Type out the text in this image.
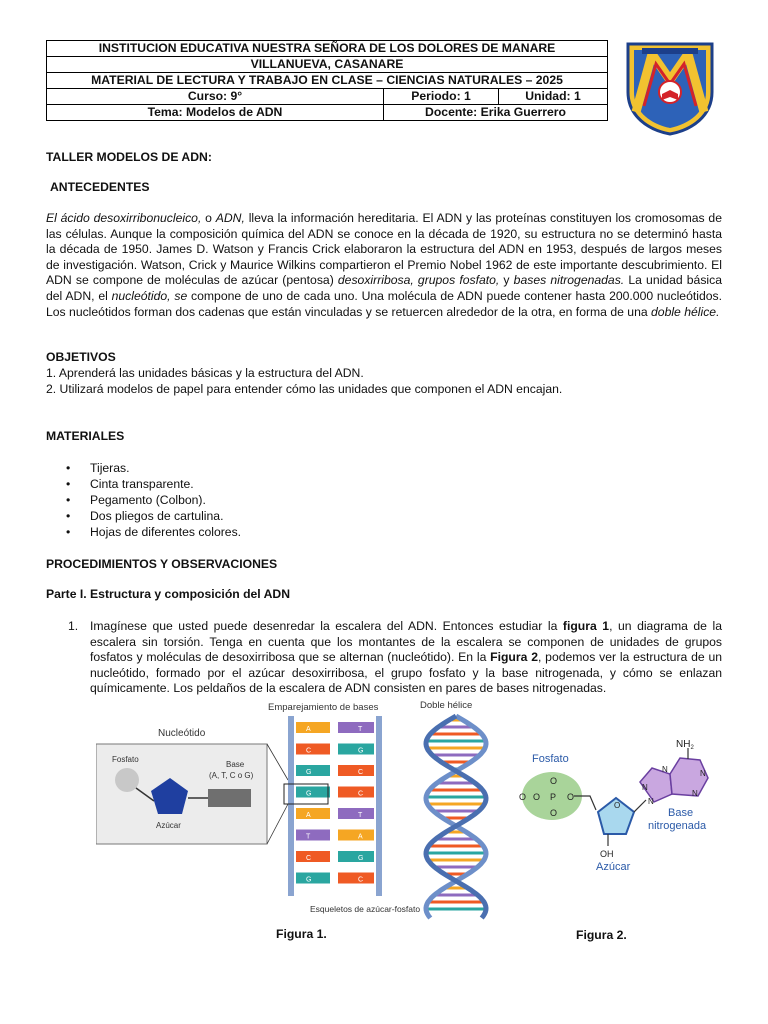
INSTITUCION EDUCATIVA NUESTRA SEÑORA DE LOS DOLORES DE MANARE		
VILLANUEVA, CASANARE		
MATERIAL DE LECTURA Y TRABAJO EN CLASE – CIENCIAS NATURALES – 2025		
Curso: 9°	Periodo: 1	Unidad: 1
Tema: Modelos de ADN	Docente: Erika Guerrero	

TALLER MODELOS DE ADN:

ANTECEDENTES

El ácido desoxirribonucleico, o ADN, lleva la información hereditaria. El ADN y las proteínas constituyen los cromosomas de las células. Aunque la composición química del ADN se conoce en la década de 1920, su estructura no se determinó hasta la década de 1950. James D. Watson y Francis Crick elaboraron la estructura del ADN en 1953, después de largos meses de investigación. Watson, Crick y Maurice Wilkins compartieron el Premio Nobel 1962 de este importante descubrimiento. El ADN se compone de moléculas de azúcar (pentosa) desoxirribosa, grupos fosfato, y bases nitrogenadas. La unidad básica del ADN, el nucleótido, se compone de uno de cada uno. Una molécula de ADN puede contener hasta 200.000 nucleótidos. Los nucleótidos forman dos cadenas que están vinculadas y se retuercen alrededor de la otra, en forma de una doble hélice.

OBJETIVOS

1. Aprenderá las unidades básicas y la estructura del ADN.

2. Utilizará modelos de papel para entender cómo las unidades que componen el ADN encajan.

MATERIALES

• Tijeras.
• Cinta transparente.
• Pegamento (Colbon).
• Dos pliegos de cartulina.
• Hojas de diferentes colores.

PROCEDIMIENTOS Y OBSERVACIONES

Parte I. Estructura y composición del ADN

1. Imagínese que usted puede desenredar la escalera del ADN. Entonces estudiar la figura 1, un diagrama de la escalera sin torsión. Tenga en cuenta que los montantes de la escalera se componen de unidades de grupos fosfatos y moléculas de desoxirribosa que se alternan (nucleótido). En la Figura 2, podemos ver la estructura de un nucleótido, formado por el azúcar desoxirribosa, el grupo fosfato y la base nitrogenada, y cómo se enlazan químicamente. Los peldaños de la escalera de ADN consisten en pares de bases nitrogenadas.

Nucleótido
Emparejamiento de bases	Doble hélice
Fosfato
Azúcar
Base
(A, T, C o G)
A	T
C	G
G	C
G	C
A	T
T	A
C	G
G	C
Esqueletos de azúcar-fosfato
Fosfato
O O P O
O
O
O
OH
Azúcar
$NH_2$
N
N
N
N
N
Base
nitrogenada
Figura 1.	Figura 2.
